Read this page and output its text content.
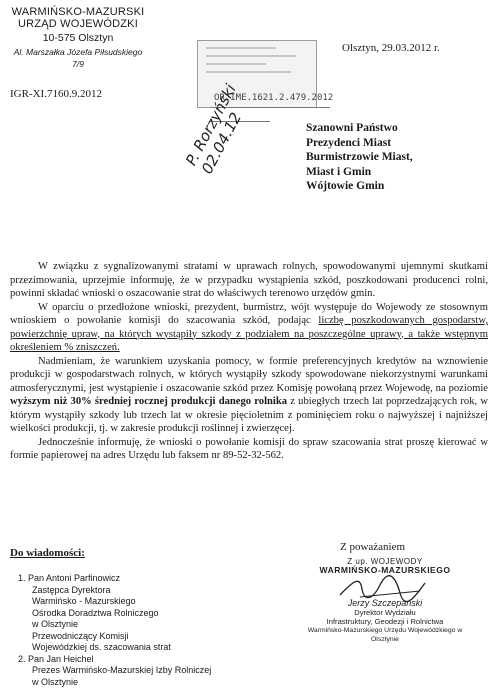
WARMIŃSKO-MAZURSKI
URZĄD WOJEWÓDZKI
10-575 Olsztyn
Al. Marszałka Józefa Piłsudskiego 7/9
Olsztyn, 29.03.2012 r.
IGR-XI.7160.9.2012	OR.IME.1621.2.479.2012
P. Rorzyński 02.04.12	Szanowni Państwo
Prezydenci Miast
Burmistrzowie Miast,
Miast i Gmin
Wójtowie Gmin

W związku z sygnalizowanymi stratami w uprawach rolnych, spowodowanymi ujemnymi skutkami przezimowania, uprzejmie informuję, że w przypadku wystąpienia szkód, poszkodowani producenci rolni, powinni składać wnioski o oszacowanie strat do właściwych terenowo urzędów gmin.

W oparciu o przedłożone wnioski, prezydent, burmistrz, wójt występuje do Wojewody ze stosownym wnioskiem o powołanie komisji do szacowania szkód, podając liczbę poszkodowanych gospodarstw, powierzchnię upraw, na których wystąpiły szkody z podziałem na poszczególne uprawy, a także wstępnym określeniem % zniszczeń.

Nadmieniam, że warunkiem uzyskania pomocy, w formie preferencyjnych kredytów na wznowienie produkcji w gospodarstwach rolnych, w których wystąpiły szkody spowodowane niekorzystnymi warunkami atmosferycznymi, jest wystąpienie i oszacowanie szkód przez Komisję powołaną przez Wojewodę, na poziomie wyższym niż 30% średniej rocznej produkcji danego rolnika z ubiegłych trzech lat poprzedzających rok, w którym wystąpiły szkody lub trzech lat w okresie pięcioletnim z pominięciem roku o najwyższej i najniższej wielkości produkcji, tj. w zakresie produkcji roślinnej i zwierzęcej.

Jednocześnie informuję, że wnioski o powołanie komisji do spraw szacowania strat proszę kierować w formie papierowej na adres Urzędu lub faksem nr 89-52-32-562.

Do wiadomości:
1. Pan Antoni Parfinowicz
Zastępca Dyrektora
Warmińsko - Mazurskiego
Ośrodka Doradztwa Rolniczego
w Olsztynie
Przewodniczący Komisji
Wojewódzkiej ds. szacowania strat
2. Pan Jan Heichel
Prezes Warmińsko-Mazurskiej Izby Rolniczej
w Olsztynie
Z poważaniem
Z up. WOJEWODY
WARMIŃSKO-MAZURSKIEGO
Jerzy Szczepański
Dyrektor Wydziału
Infrastruktury, Geodezji i Rolnictwa
Warmińsko-Mazurskiego Urzędu Wojewódzkiego w Olsztynie
